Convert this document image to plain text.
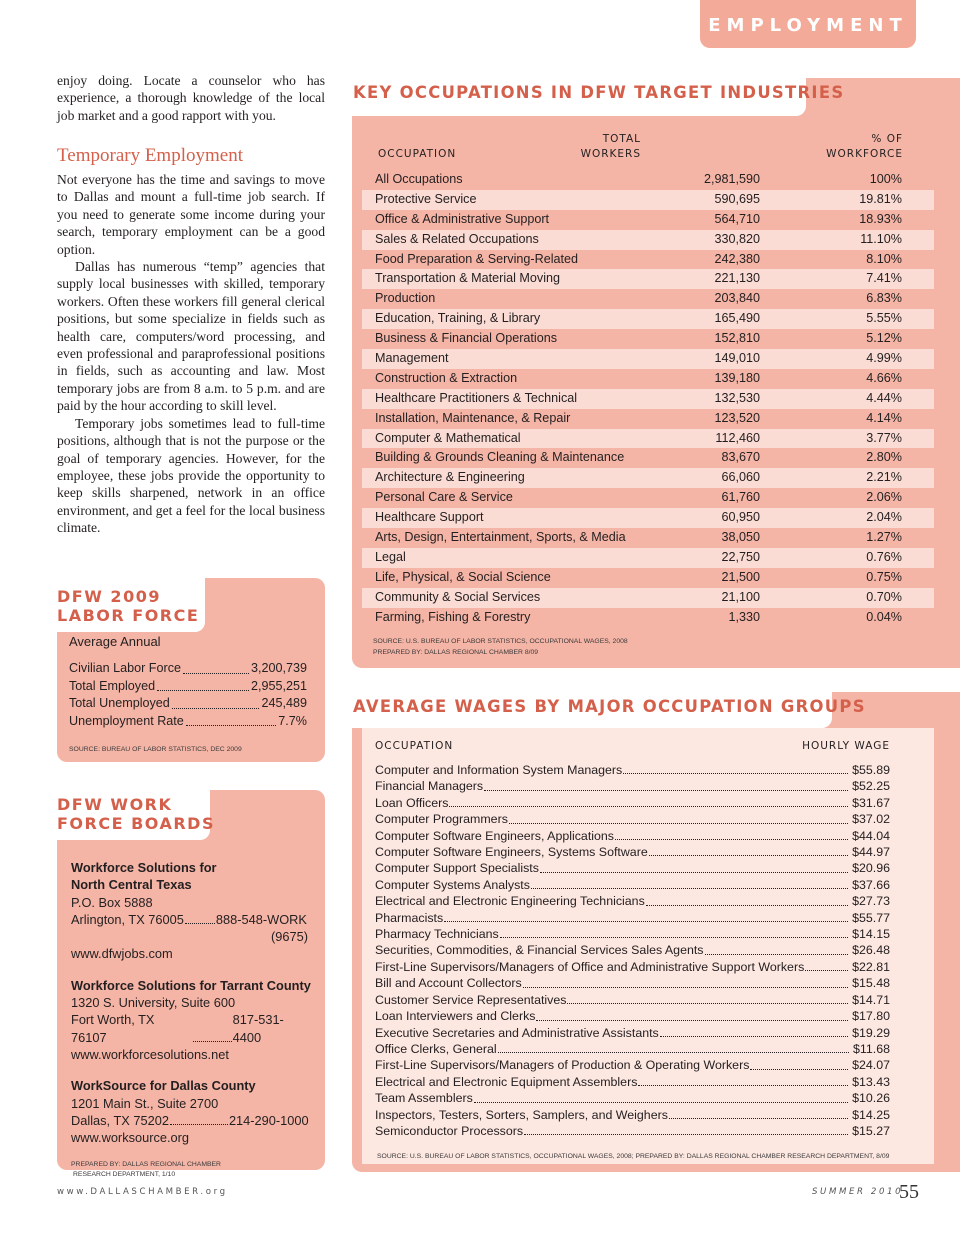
EMPLOYMENT

enjoy doing. Locate a counselor who has experience, a thorough knowledge of the local job market and a good rapport with you.

Temporary Employment

Not everyone has the time and savings to move to Dallas and mount a full-time job search. If you need to generate some income during your search, temporary employment can be a good option.

Dallas has numerous “temp” agencies that supply local businesses with skilled, temporary workers. Often these workers fill general clerical positions, but some specialize in fields such as health care, computers/word processing, and even professional and paraprofessional positions in fields, such as accounting and law. Most temporary jobs are from 8 a.m. to 5 p.m. and are paid by the hour according to skill level.

Temporary jobs sometimes lead to full-time positions, although that is not the purpose or the goal of temporary agencies. However, for the employee, these jobs provide the opportunity to keep skills sharpened, network in an office environment, and get a feel for the local business climate.

DFW 2009
LABOR FORCE
Average Annual
Civilian Labor Force	3,200,739
Total Employed	2,955,251
Total Unemployed	245,489
Unemployment Rate	7.7%
SOURCE: BUREAU OF LABOR STATISTICS, DEC 2009
DFW WORK
FORCE BOARDS
Workforce Solutions for
North Central Texas
P.O. Box 5888
Arlington, TX 76005	888-548-WORK
(9675)
www.dfwjobs.com
Workforce Solutions for Tarrant County
1320 S. University, Suite 600
Fort Worth, TX 76107
817-531-4400
www.workforcesolutions.net
WorkSource for Dallas County
1201 Main St., Suite 2700
Dallas, TX 75202	214-290-1000
www.worksource.org
PREPARED BY: DALLAS REGIONAL CHAMBER
RESEARCH DEPARTMENT, 1/10
KEY OCCUPATIONS IN DFW TARGET INDUSTRIES
OCCUPATION
TOTAL
WORKERS
% OF
WORKFORCE
All Occupations	2,981,590	100%
Protective Service	590,695	19.81%
Office & Administrative Support	564,710	18.93%
Sales & Related Occupations	330,820	11.10%
Food Preparation & Serving-Related	242,380	8.10%
Transportation & Material Moving	221,130	7.41%
Production	203,840	6.83%
Education, Training, & Library	165,490	5.55%
Business & Financial Operations	152,810	5.12%
Management	149,010	4.99%
Construction & Extraction	139,180	4.66%
Healthcare Practitioners & Technical	132,530	4.44%
Installation, Maintenance, & Repair	123,520	4.14%
Computer & Mathematical	112,460	3.77%
Building & Grounds Cleaning & Maintenance	83,670	2.80%
Architecture & Engineering	66,060	2.21%
Personal Care & Service	61,760	2.06%
Healthcare Support	60,950	2.04%
Arts, Design, Entertainment, Sports, & Media	38,050	1.27%
Legal	22,750	0.76%
Life, Physical, & Social Science	21,500	0.75%
Community & Social Services	21,100	0.70%
Farming, Fishing & Forestry	1,330	0.04%
SOURCE: U.S. BUREAU OF LABOR STATISTICS, OCCUPATIONAL WAGES, 2008
PREPARED BY: DALLAS REGIONAL CHAMBER 8/09
AVERAGE WAGES BY MAJOR OCCUPATION GROUPS
OCCUPATION	HOURLY WAGE
Computer and Information System Managers	$55.89
Financial Managers	$52.25
Loan Officers	$31.67
Computer Programmers	$37.02
Computer Software Engineers, Applications	$44.04
Computer Software Engineers, Systems Software	$44.97
Computer Support Specialists	$20.96
Computer Systems Analysts	$37.66
Electrical and Electronic Engineering Technicians	$27.73
Pharmacists	$55.77
Pharmacy Technicians	$14.15
Securities, Commodities, & Financial Services Sales Agents	$26.48
First-Line Supervisors/Managers of Office and Administrative Support Workers	$22.81
Bill and Account Collectors	$15.48
Customer Service Representatives	$14.71
Loan Interviewers and Clerks	$17.80
Executive Secretaries and Administrative Assistants	$19.29
Office Clerks, General	$11.68
First-Line Supervisors/Managers of Production & Operating Workers	$24.07
Electrical and Electronic Equipment Assemblers	$13.43
Team Assemblers	$10.26
Inspectors, Testers, Sorters, Samplers, and Weighers	$14.25
Semiconductor Processors	$15.27
SOURCE: U.S. BUREAU OF LABOR STATISTICS, OCCUPATIONAL WAGES, 2008; PREPARED BY: DALLAS REGIONAL CHAMBER RESEARCH DEPARTMENT, 8/09
www.DALLASCHAMBER.org	SUMMER 2010
55
